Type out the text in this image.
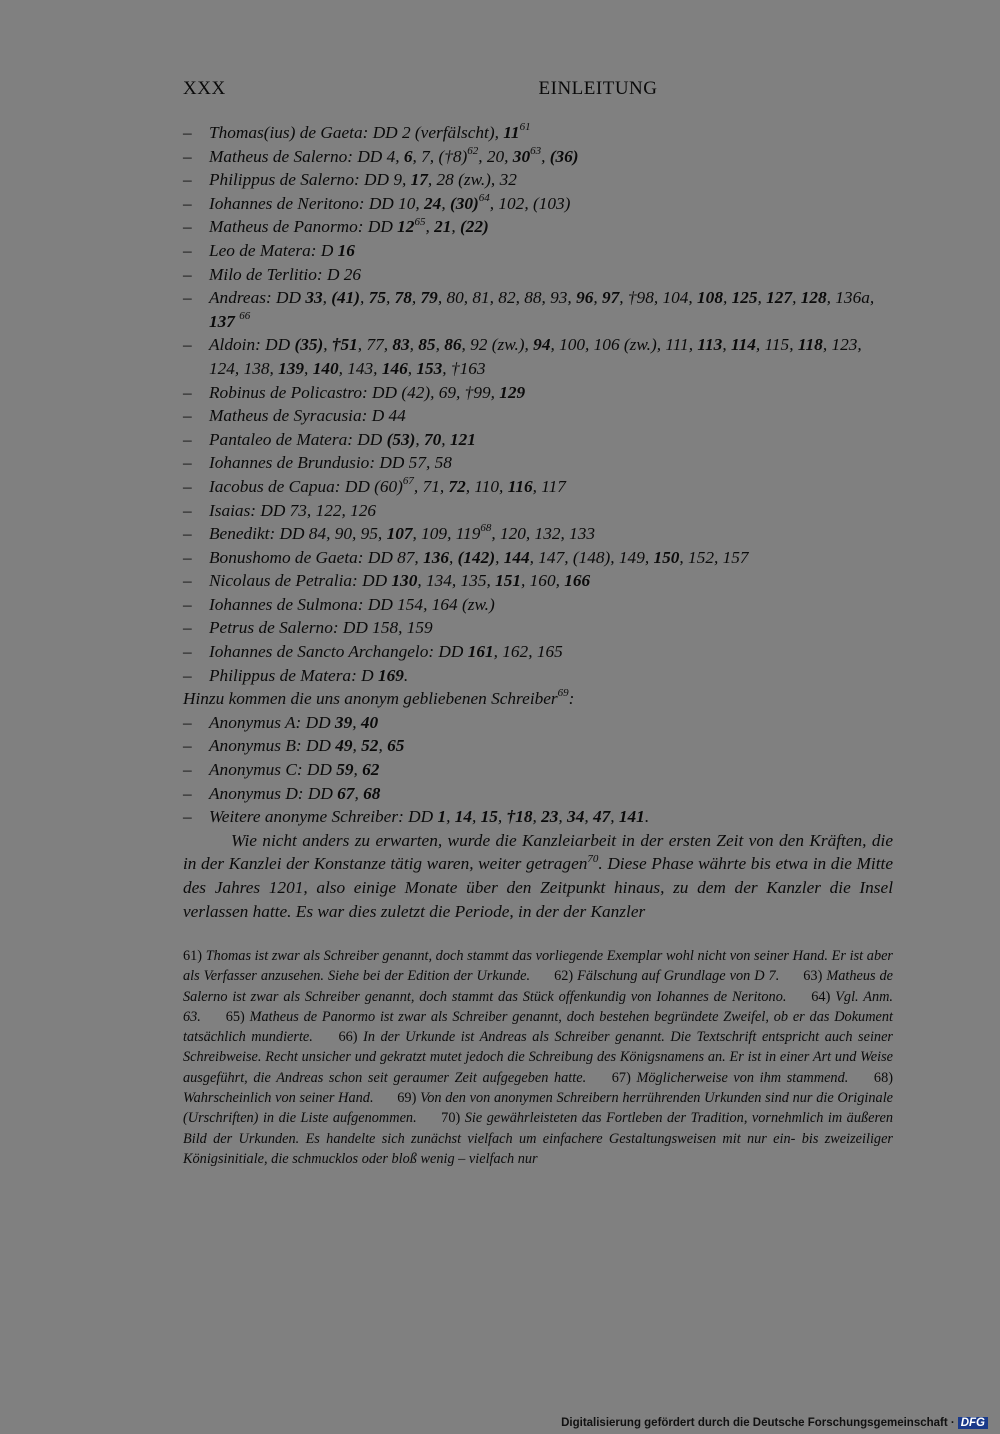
XXX	EINLEITUNG
– Thomas(ius) de Gaeta: DD 2 (verfälscht), $11^{61}$
– Matheus de Salerno: DD 4, 6, 7, (†8)$^{62}$, 20, $30^{63}$, (36)
– Philippus de Salerno: DD 9, 17, 28 (zw.), 32
– Iohannes de Neritono: DD 10, 24, $(30)^{64}$, 102, (103)
– Matheus de Panormo: DD $12^{65}$, 21, (22)
– Leo de Matera: D 16
– Milo de Terlitio: D 26
– Andreas: DD 33, (41), 75, 78, 79, 80, 81, 82, 88, 93, 96, 97, †98, 104, 108, 125, 127, 128, 136a, 137 $^{66}$
– Aldoin: DD (35), †51, 77, 83, 85, 86, 92 (zw.), 94, 100, 106 (zw.), 111, 113, 114, 115, 118, 123, 124, 138, 139, 140, 143, 146, 153, †163
– Robinus de Policastro: DD (42), 69, †99, 129
– Matheus de Syracusia: D 44
– Pantaleo de Matera: DD (53), 70, 121
– Iohannes de Brundusio: DD 57, 58
– Iacobus de Capua: DD $(60)^{67}$, 71, 72, 110, 116, 117
– Isaias: DD 73, 122, 126
– Benedikt: DD 84, 90, 95, 107, 109, $119^{68}$, 120, 132, 133
– Bonushomo de Gaeta: DD 87, 136, (142), 144, 147, (148), 149, 150, 152, 157
– Nicolaus de Petralia: DD 130, 134, 135, 151, 160, 166
– Iohannes de Sulmona: DD 154, 164 (zw.)
– Petrus de Salerno: DD 158, 159
– Iohannes de Sancto Archangelo: DD 161, 162, 165
– Philippus de Matera: D 169.
Hinzu kommen die uns anonym gebliebenen Schreiber$^{69}$:
– Anonymus A: DD 39, 40
– Anonymus B: DD 49, 52, 65
– Anonymus C: DD 59, 62
– Anonymus D: DD 67, 68
– Weitere anonyme Schreiber: DD 1, 14, 15, †18, 23, 34, 47, 141.
Wie nicht anders zu erwarten, wurde die Kanzleiarbeit in der ersten Zeit von den Kräften, die in der Kanzlei der Konstanze tätig waren, weiter getragen$^{70}$. Diese Phase währte bis etwa in die Mitte des Jahres 1201, also einige Monate über den Zeitpunkt hinaus, zu dem der Kanzler die Insel verlassen hatte. Es war dies zuletzt die Periode, in der der Kanzler
61) Thomas ist zwar als Schreiber genannt, doch stammt das vorliegende Exemplar wohl nicht von seiner Hand. Er ist aber als Verfasser anzusehen. Siehe bei der Edition der Urkunde. 62) Fälschung auf Grundlage von D 7. 63) Matheus de Salerno ist zwar als Schreiber genannt, doch stammt das Stück offenkundig von Iohannes de Neritono. 64) Vgl. Anm. 63. 65) Matheus de Panormo ist zwar als Schreiber genannt, doch bestehen begründete Zweifel, ob er das Dokument tatsächlich mundierte. 66) In der Urkunde ist Andreas als Schreiber genannt. Die Textschrift entspricht auch seiner Schreibweise. Recht unsicher und gekratzt mutet jedoch die Schreibung des Königsnamens an. Er ist in einer Art und Weise ausgeführt, die Andreas schon seit geraumer Zeit aufgegeben hatte. 67) Möglicherweise von ihm stammend. 68) Wahrscheinlich von seiner Hand. 69) Von den von anonymen Schreibern herrührenden Urkunden sind nur die Originale (Urschriften) in die Liste aufgenommen. 70) Sie gewährleisteten das Fortleben der Tradition, vornehmlich im äußeren Bild der Urkunden. Es handelte sich zunächst vielfach um einfachere Gestaltungsweisen mit nur ein- bis zweizeiliger Königsinitiale, die schmucklos oder bloß wenig – vielfach nur
Digitalisierung gefördert durch die Deutsche Forschungsgemeinschaft · DFG
